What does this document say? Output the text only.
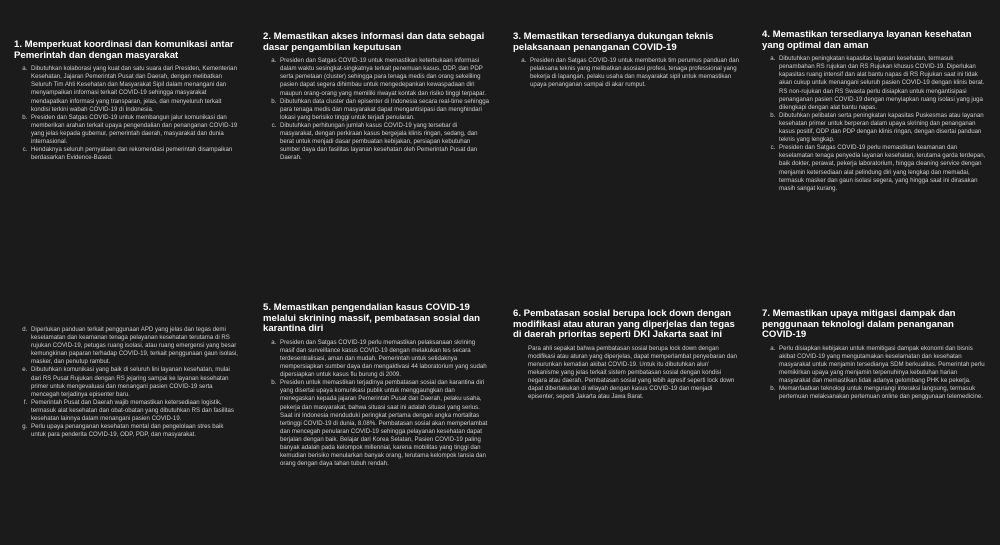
1. Memperkuat koordinasi dan komunikasi antar Pemerintah dan dengan masyarakat
a. Dibutuhkan kolaborasi yang kuat dan satu suara dari Presiden, Kementerian Kesehatan, Jajaran Pemerintah Pusat dan Daerah, dengan melibatkan Seluruh Tim Ahli Kesehatan dan Masyarakat Sipil dalam menangani dan menyampaikan informasi terkait COVID-19 sehingga masyarakat mendapatkan informasi yang transparan, jelas, dan menyeluruh terkait kondisi terkini wabah COVID-19 di Indonesia.
b. Presiden dan Satgas COVID-19 untuk membangun jalur komunikasi dan memberikan arahan terkait upaya pengendalian dan penanganan COVID-19 yang jelas kepada gubernur, pemerintah daerah, masyarakat dan dunia internasional.
c. Hendaknya seluruh pernyataan dan rekomendasi pemerintah disampaikan berdasarkan Evidence-Based.
2. Memastikan akses informasi dan data sebagai dasar pengambilan keputusan
a. Presiden dan Satgas COVID-19 untuk memastikan keterbukaan informasi dalam waktu sesingkat-singkatnya terkait penemuan kasus, ODP, dan PDP serta pemetaan (cluster) sehingga para tenaga medis dan orang sekeliling pasien dapat segera dihimbau untuk mengedepankan kewaspadaan diri maupun orang-orang yang memiliki riwayat kontak dan risiko tinggi terpapar.
b. Dibutuhkan data cluster dan episenter di Indonesia secara real-time sehingga para tenaga medis dan masyarakat dapat mengantisipasi dan menghindari lokasi yang berisiko tinggi untuk terjadi penularan.
c. Dibutuhkan perhitungan jumlah kasus COVID-19 yang tersebar di masyarakat, dengan perkiraan kasus bergejala klinis ringan, sedang, dan berat untuk menjadi dasar pembuatan kebijakan, persiapan kebutuhan sumber daya dan fasilitas layanan kesehatan oleh Pemerintah Pusat dan Daerah.
3. Memastikan tersedianya dukungan teknis pelaksanaan penanganan COVID-19
a. Presiden dan Satgas COVID-19 untuk membentuk tim perumus panduan dan pelaksana teknis yang melibatkan asosiasi profesi, tenaga professional yang bekerja di lapangan, pelaku usaha dan masyarakat sipil untuk memastikan upaya penanganan sampai di akar rumput.
4. Memastikan tersedianya layanan kesehatan yang optimal dan aman
a. Dibutuhkan peningkatan kapasitas layanan kesehatan, termasuk penambahan RS rujukan dan RS Rujukan khusus COVID-19. Diperlukan kapasitas ruang intensif dan alat bantu napas di RS Rujukan saat ini tidak akan cukup untuk menangani seluruh pasien COVID-19 dengan klinis berat. RS non-rujukan dan RS Swasta perlu disiapkan untuk mengantisipasi penanganan pasien COVID-19 dengan menyiapkan ruang isolasi yang juga dilengkapi dengan alat bantu napas.
b. Dibutuhkan pelibatan serta peningkatan kapasitas Puskesmas atau layanan kesehatan primer untuk berperan dalam upaya skrining dan penanganan kasus positif, ODP dan PDP dengan klinis ringan, dengan disertai panduan teknis yang lengkap.
c. Presiden dan Satgas COVID-19 perlu memastikan keamanan dan keselamatan tenaga penyedia layanan kesehatan, terutama garda terdepan, baik dokter, perawat, pekerja laboratorium, hingga cleaning service dengan menjamin ketersediaan alat pelindung diri yang lengkap dan memadai, termasuk masker dan gaun isolasi segera, yang hingga saat ini dirasakan masih sangat kurang.
d. Diperlukan panduan terkait penggunaan APD yang jelas dan tegas demi keselamatan dan keamanan tenaga pelayanan kesehatan terutama di RS rujukan COVID-19, petugas ruang isolasi, atau ruang emergensi yang besar kemungkinan paparan terhadap COVID-19, terkait penggunaan gaun isolasi, masker, dan penutup rambut.
e. Dibutuhkan komunikasi yang baik di seluruh lini layanan kesehatan, mulai dari RS Pusat Rujukan dengan RS jejaring sampai ke layanan kesehatan primer untuk mengevaluasi dan menangani pasien COVID-19 serta mencegah terjadinya episenter baru.
f. Pemerintah Pusat dan Daerah wajib memastikan ketersediaan logistik, termasuk alat kesehatan dan obat-obatan yang dibutuhkan RS dan fasilitas kesehatan lainnya dalam menangani pasien COVID-19.
g. Perlu upaya penanganan kesehatan mental dan pengelolaan stres baik untuk para penderita COVID-19, ODP, PDP, dan masyarakat.
5. Memastikan pengendalian kasus COVID-19 melalui skrining massif, pembatasan sosial dan karantina diri
a. Presiden dan Satgas COVID-19 perlu memastikan pelaksanaan skrining masif dan surveillance kasus COVID-19 dengan melakukan tes secara terdesentralisasi, aman dan mudah. Pemerintah untuk setidaknya mempersiapkan sumber daya dan mengaktivasi 44 laboratorium yang sudah dipersiapkan untuk kasus flu burung di 2009.
b. Presiden untuk memastikan terjadinya pembatasan sosial dan karantina diri yang disertai upaya komunikasi publik untuk menggaungkan dan menegaskan kepada jajaran Pemerintah Pusat dan Daerah, pelaku usaha, pekerja dan masyarakat, bahwa situasi saat ini adalah situasi yang serius. Saat ini Indonesia menduduki peringkat pertama dengan angka mortalitas tertinggi COVID-19 di dunia, 8.08%. Pembatasan sosial akan memperlambat dan mencegah penularan COVID-19 sehingga pelayanan kesehatan dapat berjalan dengan baik. Belajar dari Korea Selatan, Pasien COVID-19 paling banyak adalah pada kelompok millennial, karena mobilitas yang tinggi dan kemudian berisiko menularkan banyak orang, terutama kelompok lansia dan orang dengan daya tahan tubuh rendah.
6. Pembatasan sosial berupa lock down dengan modifikasi atau aturan yang diperjelas dan tegas di daerah prioritas seperti DKI Jakarta saat ini

Para ahli sepakat bahwa pembatasan sosial berupa lock down dengan modifikasi atau aturan yang diperjelas, dapat memperlambat penyebaran dan menurunkan kematian akibat COVID-19. Untuk itu dibutuhkan alur/ mekanisme yang jelas terkait sistem pembatasan sosial dengan kondisi negara atau daerah. Pembatasan sosial yang lebih agresif seperti lock down dapat diberlakukan di wilayah dengan kasus COVID-19 dan menjadi episenter, seperti Jakarta atau Jawa Barat.

7. Memastikan upaya mitigasi dampak dan penggunaan teknologi dalam penanganan COVID-19
a. Perlu disiapkan kebijakan untuk memitigasi dampak ekonomi dan bisnis akibat COVID-19 yang mengutamakan keselamatan dan kesehatan masyarakat untuk menjamin tersedianya SDM berkualitas. Pemerintah perlu memikirkan upaya yang menjamin terpenuhinya kebutuhan harian masyarakat dan memastikan tidak adanya gelombang PHK ke pekerja.
b. Memanfaatkan teknologi untuk mengurangi interaksi langsung, termasuk pertemuan melaksanakan pertemuan online dan penggunaan telemedicine.
